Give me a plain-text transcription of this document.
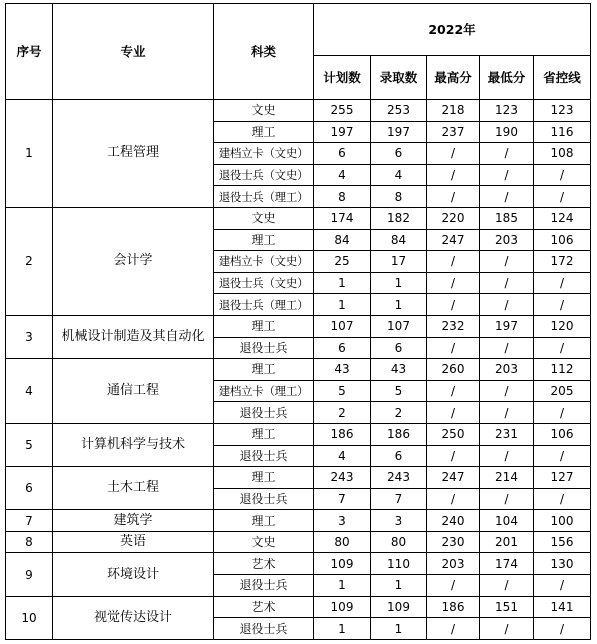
序号	专业	科类	2022年				
			计划数	录取数	最高分	最低分	省控线
1	工程管理	文史	255	253	218	123	123
		理工	197	197	237	190	116
		建档立卡（文史）	6	6	/	/	108
		退役士兵（文史）	4	4	/	/	/
		退役士兵（理工）	8	8	/	/	/
2	会计学	文史	174	182	220	185	124
		理工	84	84	247	203	106
		建档立卡（文史）	25	17	/	/	172
		退役士兵（文史）	1	1	/	/	/
		退役士兵（理工）	1	1	/	/	/
3	机械设计制造及其自动化	理工	107	107	232	197	120
		退役士兵	6	6	/	/	/
4	通信工程	理工	43	43	260	203	112
		建档立卡（理工）	5	5	/	/	205
		退役士兵	2	2	/	/	/
5	计算机科学与技术	理工	186	186	250	231	106
		退役士兵	4	6	/	/	/
6	土木工程	理工	243	243	247	214	127
		退役士兵	7	7	/	/	/
7	建筑学	理工	3	3	240	104	100
8	英语	文史	80	80	230	201	156
9	环境设计	艺术	109	110	203	174	130
		退役士兵	1	1	/	/	/
10	视觉传达设计	艺术	109	109	186	151	141
		退役士兵	1	1	/	/	/
